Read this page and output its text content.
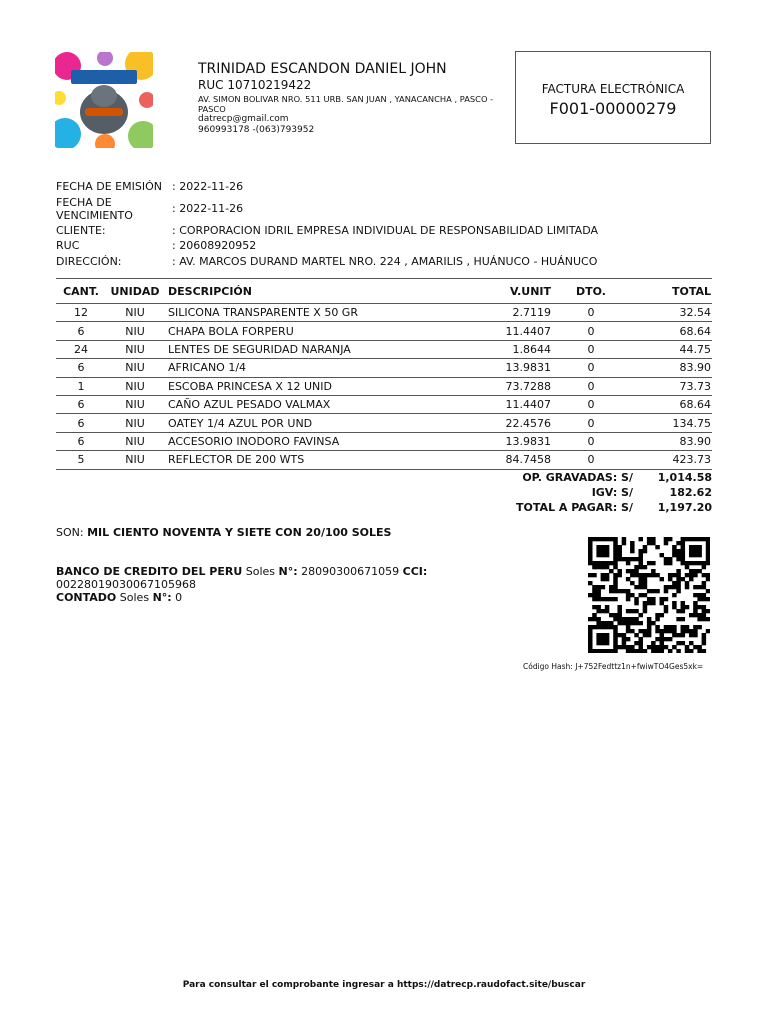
TRINIDAD ESCANDON DANIEL JOHN
RUC 10710219422
AV. SIMON BOLIVAR NRO. 511 URB. SAN JUAN , YANACANCHA , PASCO - PASCO
datrecp@gmail.com
960993178 -(063)793952
FACTURA ELECTRÓNICA
F001-00000279
FECHA DE EMISIÓN : 2022-11-26
FECHA DE VENCIMIENTO
: 2022-11-26
CLIENTE:	: CORPORACION IDRIL EMPRESA INDIVIDUAL DE RESPONSABILIDAD LIMITADA
RUC	: 20608920952
DIRECCIÓN:	: AV. MARCOS DURAND MARTEL NRO. 224 , AMARILIS , HUÁNUCO - HUÁNUCO
CANT.	UNIDAD	DESCRIPCIÓN	V.UNIT	DTO.	TOTAL
12	NIU	SILICONA TRANSPARENTE X 50 GR	2.7119	0	32.54
6	NIU	CHAPA BOLA FORPERU	11.4407	0	68.64
24	NIU	LENTES DE SEGURIDAD NARANJA	1.8644	0	44.75
6	NIU	AFRICANO 1/4	13.9831	0	83.90
1	NIU	ESCOBA PRINCESA X 12 UNID	73.7288	0	73.73
6	NIU	CAÑO AZUL PESADO VALMAX	11.4407	0	68.64
6	NIU	OATEY 1/4 AZUL POR UND	22.4576	0	134.75
6	NIU	ACCESORIO INODORO FAVINSA	13.9831	0	83.90
5	NIU	REFLECTOR DE 200 WTS	84.7458	0	423.73
OP. GRAVADAS: S/	1,014.58
IGV: S/	182.62
TOTAL A PAGAR: S/	1,197.20
SON: MIL CIENTO NOVENTA Y SIETE CON 20/100 SOLES
BANCO DE CREDITO DEL PERU Soles N°: 28090300671059 CCI:
00228019030067105968
CONTADO Soles N°: 0
Código Hash: J+752Fedttz1n+fwiwTO4Ges5xk=
Para consultar el comprobante ingresar a https://datrecp.raudofact.site/buscar
